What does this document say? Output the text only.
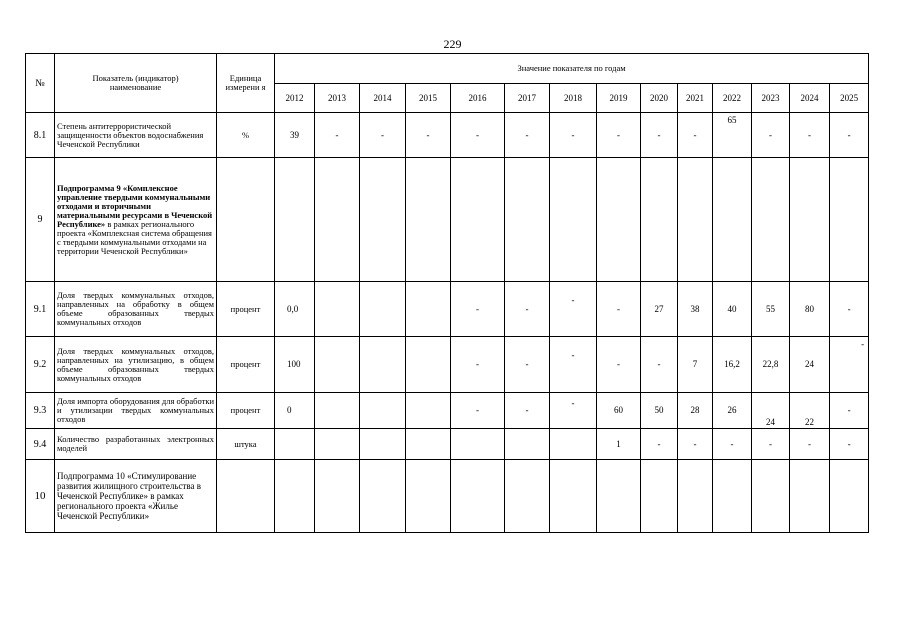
229
№	Показатель (индикатор) наименование	Единица измерени я	Значение показателя по годам													
			2012	2013	2014	2015	2016	2017	2018	2019	2020	2021	2022	2023	2024	2025
8.1	Степень антитеррористической защищенности объектов водоснабжения Чеченской Республики	%	39	-	-	-	-	-	-	-	-	-	65	-	-	-
9	Подпрограмма 9 «Комплексное управление твердыми коммунальными отходами и вторичными материальными ресурсами в Чеченской Республике» в рамках регионального проекта «Комплексная система обращения с твердыми коммунальными отходами на территории Чеченской Республики»															
9.1	Доля твердых коммунальных отходов, направленных на обработку в общем объеме образованных твердых коммунальных отходов	процент	0,0				-	-	-	-	27	38	40	55	80	-
9.2	Доля твердых коммунальных отходов, направленных на утилизацию, в общем объеме образованных твердых коммунальных отходов	процент	100				-	-	-	-	-	7	16,2	22,8	24	-
9.3	Доля импорта оборудования для обработки и утилизации твердых коммунальных отходов	процент	0				-	-	-	60	50	28	26	24	22	-
9.4	Количество разработанных электронных моделей	штука								1	-	-	-	-	-	-
10	Подпрограмма 10 «Стимулирование развития жилищного строительства в Чеченской Республике» в рамках регионального проекта «Жилье Чеченской Республики»															
